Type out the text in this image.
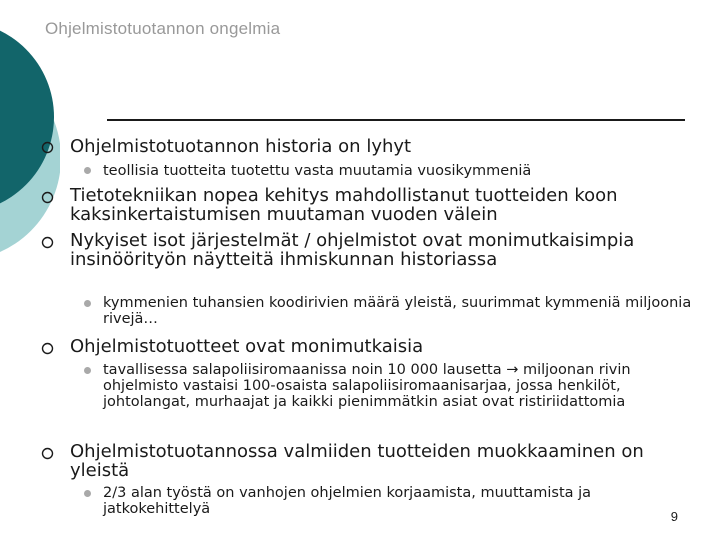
Ohjelmistotuotannon ongelmia
Ohjelmistotuotannon historia on lyhyt
teollisia tuotteita tuotettu vasta muutamia vuosikymmeniä
Tietotekniikan nopea kehitys mahdollistanut tuotteiden koon kaksinkertaistumisen muutaman vuoden välein
Nykyiset isot järjestelmät / ohjelmistot ovat monimutkaisimpia insinöörityön näytteitä ihmiskunnan historiassa
kymmenien tuhansien koodirivien määrä yleistä, suurimmat kymmeniä miljoonia rivejä…
Ohjelmistotuotteet ovat monimutkaisia
tavallisessa salapoliisiromaanissa noin 10 000 lausetta → miljoonan rivin ohjelmisto vastaisi 100-osaista salapoliisiromaanisarjaa, jossa henkilöt, johtolangat, murhaajat ja kaikki pienimmätkin asiat ovat ristiriidattomia
Ohjelmistotuotannossa valmiiden tuotteiden muokkaaminen on yleistä
2/3 alan työstä on vanhojen ohjelmien korjaamista, muuttamista ja jatkokehittelyä	9
